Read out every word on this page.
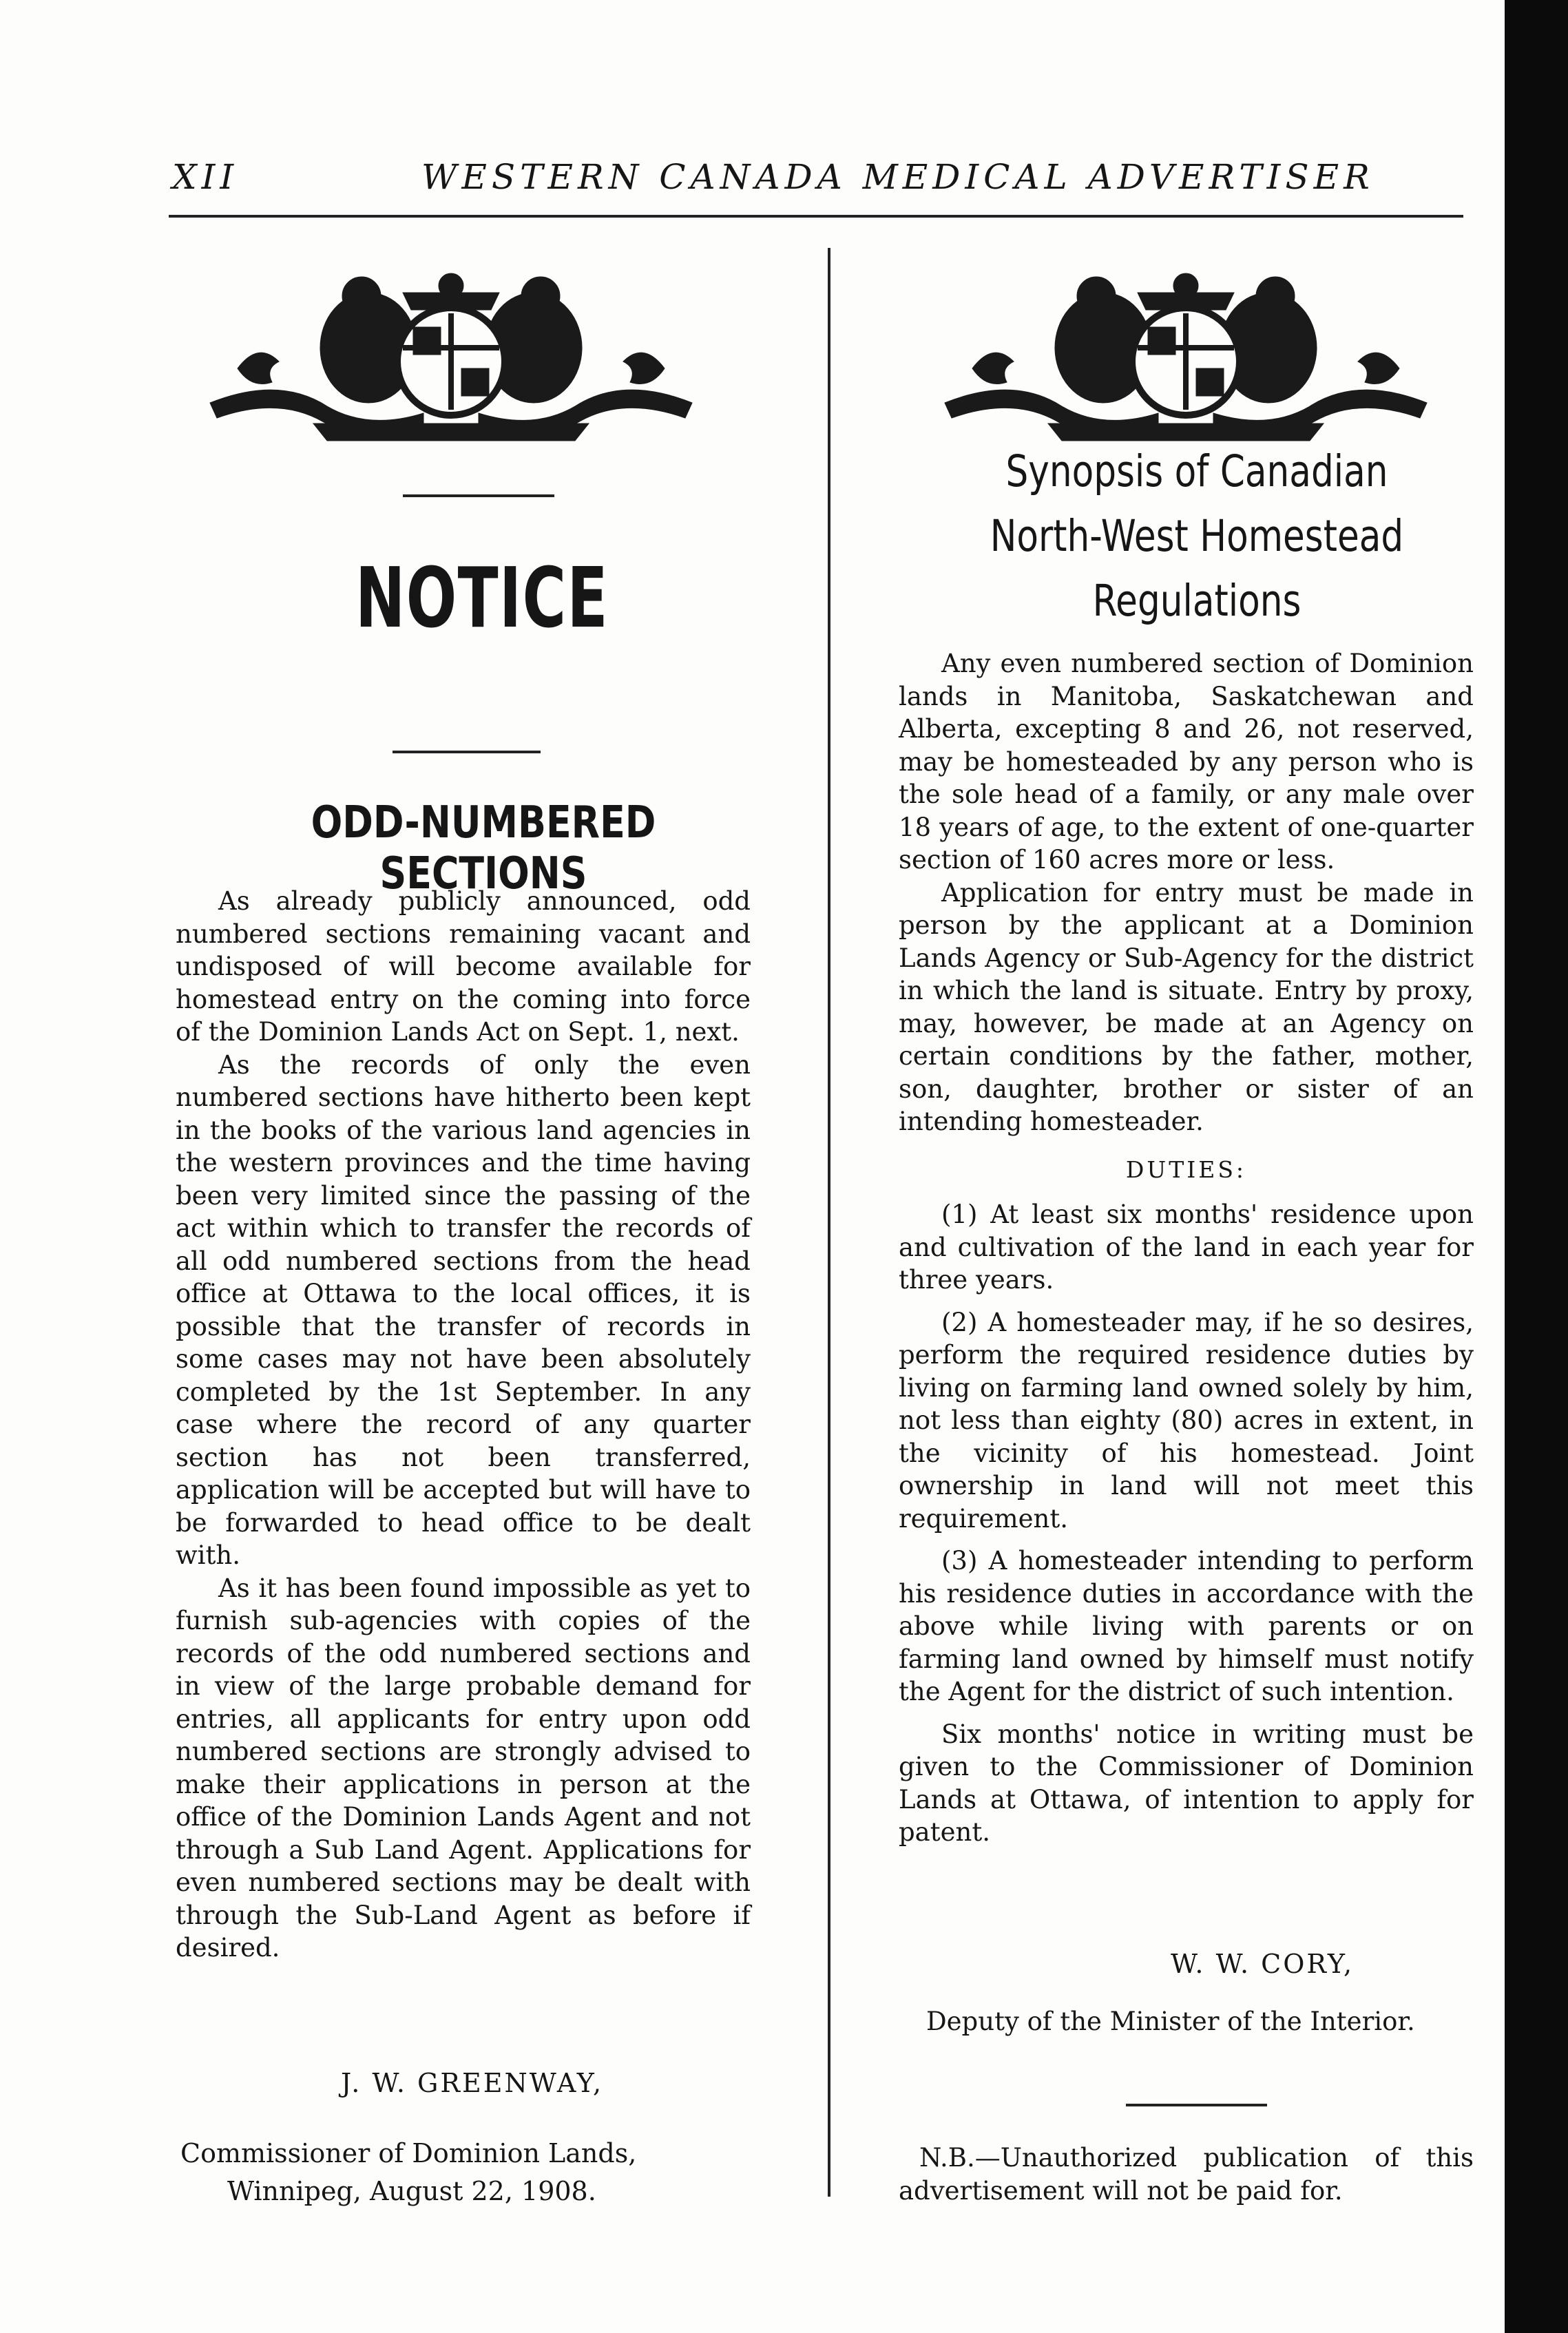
XII	WESTERN CANADA MEDICAL ADVERTISER
NOTICE
ODD-NUMBERED SECTIONS

As already publicly announced, odd numbered sections remaining vacant and undisposed of will become available for homestead entry on the coming into force of the Dominion Lands Act on Sept. 1, next.

As the records of only the even numbered sections have hitherto been kept in the books of the various land agencies in the western provinces and the time having been very limited since the passing of the act within which to transfer the records of all odd numbered sections from the head office at Ottawa to the local offices, it is possible that the transfer of records in some cases may not have been absolutely completed by the 1st September. In any case where the record of any quarter section has not been transferred, application will be accepted but will have to be forwarded to head office to be dealt with.

As it has been found impossible as yet to furnish sub-agencies with copies of the records of the odd numbered sections and in view of the large probable demand for entries, all applicants for entry upon odd numbered sections are strongly advised to make their applications in person at the office of the Dominion Lands Agent and not through a Sub Land Agent. Applications for even numbered sections may be dealt with through the Sub-Land Agent as before if desired.

J. W. GREENWAY,
Commissioner of Dominion Lands,
Winnipeg, August 22, 1908.
Synopsis of Canadian
North-West Homestead
Regulations

Any even numbered section of Dominion lands in Manitoba, Saskatchewan and Alberta, excepting 8 and 26, not reserved, may be homesteaded by any person who is the sole head of a family, or any male over 18 years of age, to the extent of one-quarter section of 160 acres more or less.

Application for entry must be made in person by the applicant at a Dominion Lands Agency or Sub-Agency for the district in which the land is situate. Entry by proxy, may, however, be made at an Agency on certain conditions by the father, mother, son, daughter, brother or sister of an intending homesteader.

DUTIES:

(1) At least six months' residence upon and cultivation of the land in each year for three years.

(2) A homesteader may, if he so desires, perform the required residence duties by living on farming land owned solely by him, not less than eighty (80) acres in extent, in the vicinity of his homestead. Joint ownership in land will not meet this requirement.

(3) A homesteader intending to perform his residence duties in accordance with the above while living with parents or on farming land owned by himself must notify the Agent for the district of such intention.

Six months' notice in writing must be given to the Commissioner of Dominion Lands at Ottawa, of intention to apply for patent.

W. W. CORY,
Deputy of the Minister of the Interior.

N.B.—Unauthorized publication of this advertisement will not be paid for.
